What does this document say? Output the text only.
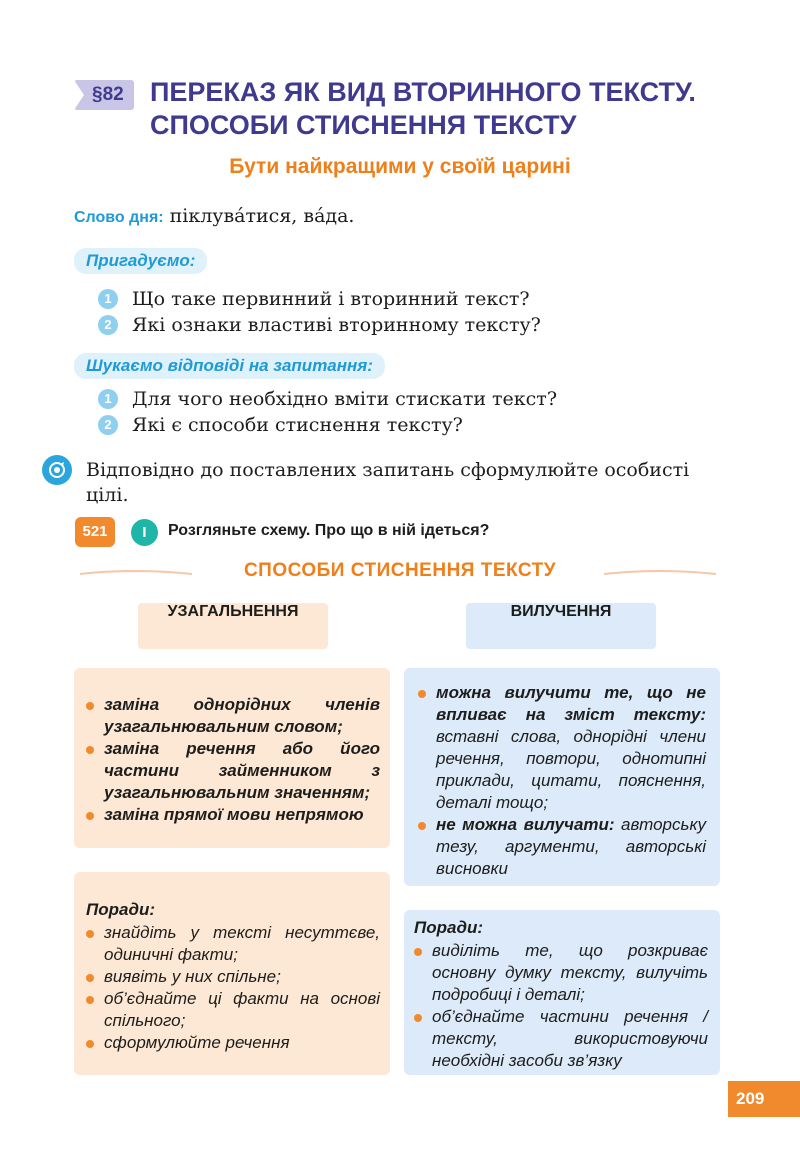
§82 ПЕРЕКАЗ ЯК ВИД ВТОРИННОГО ТЕКСТУ.
СПОСОБИ СТИСНЕННЯ ТЕКСТУ
Бути найкращими у своїй царині
Слово дня: піклува́тися, ва́да.
Пригадуємо:
1	Що таке первинний і вторинний текст?
2	Які ознаки властиві вторинному тексту?
Шукаємо відповіді на запитання:
1	Для чого необхідно вміти стискати текст?
2	Які є способи стиснення тексту?
Відповідно до поставлених запитань сформулюйте особисті цілі.
521	I	Розгляньте схему. Про що в ній ідеться?
СПОСОБИ СТИСНЕННЯ ТЕКСТУ
УЗАГАЛЬНЕННЯ	ВИЛУЧЕННЯ
заміна однорідних членів узагальнювальним словом;
заміна речення або його частини займенником з узагальнювальним значенням;
заміна прямої мови непрямою
можна вилучити те, що не впливає на зміст тексту: вставні слова, однорідні члени речення, повтори, однотипні приклади, цитати, пояснення, деталі тощо;
не можна вилучати: авторську тезу, аргументи, авторські висновки
Поради:
знайдіть у тексті несуттєве, одиничні факти;
виявіть у них спільне;
об’єднайте ці факти на основі спільного;
сформулюйте речення
Поради:
виділіть те, що розкриває основну думку тексту, вилучіть подробиці і деталі;
об’єднайте частини речення / тексту, використовуючи необхідні засоби зв’язку
209
